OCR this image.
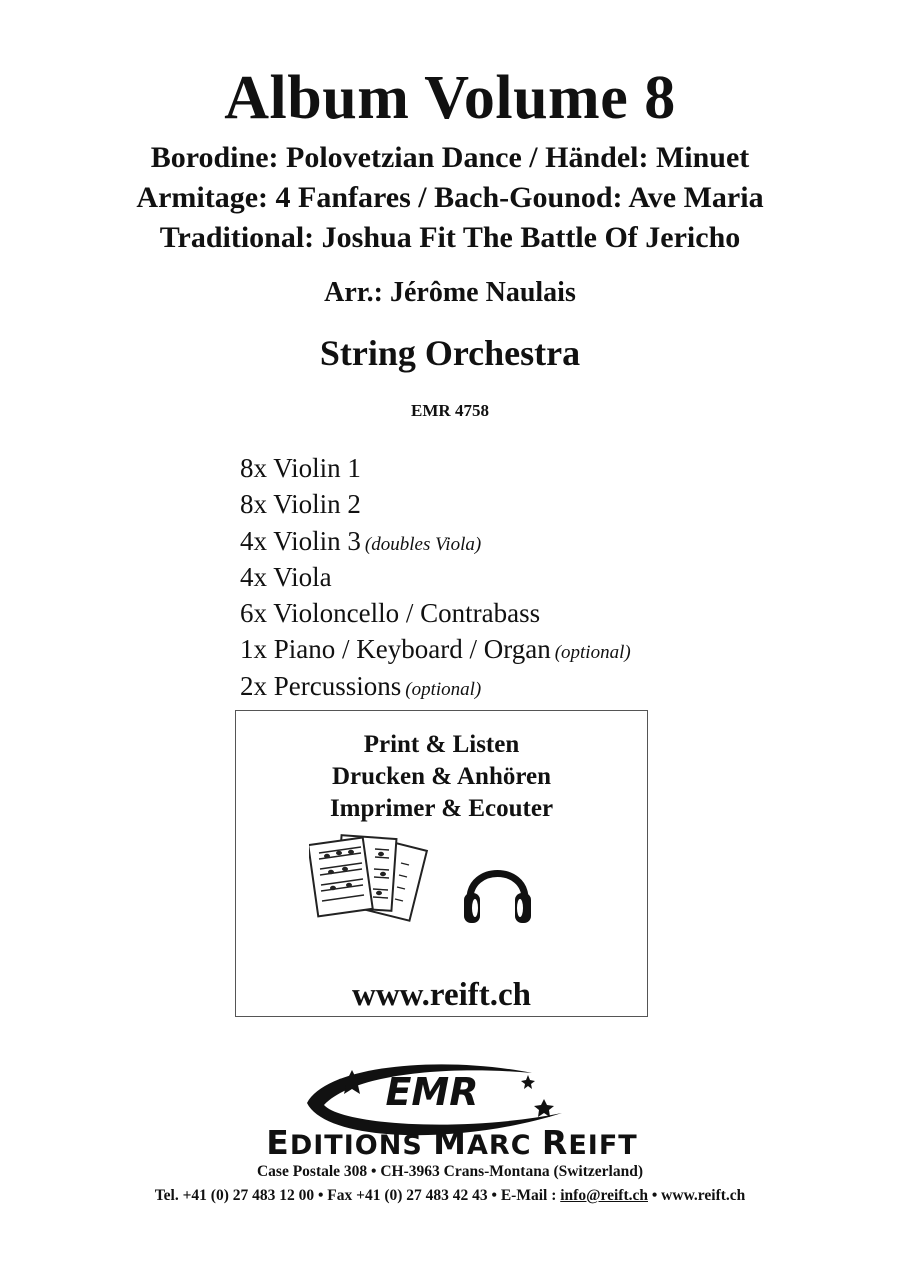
Album Volume 8
Borodine: Polovetzian Dance / Händel: Minuet
Armitage: 4 Fanfares / Bach-Gounod: Ave Maria
Traditional: Joshua Fit The Battle Of Jericho
Arr.: Jérôme Naulais
String Orchestra
EMR 4758
8x Violin 1
8x Violin 2
4x Violin 3 (doubles Viola)
4x Viola
6x Violoncello / Contrabass
1x Piano / Keyboard / Organ (optional)
2x Percussions (optional)
Print & Listen
Drucken & Anhören
Imprimer & Ecouter
www.reift.ch
EMR
EDITIONS MARC REIFT
Case Postale 308 • CH-3963 Crans-Montana (Switzerland)
Tel. +41 (0) 27 483 12 00 • Fax +41 (0) 27 483 42 43 • E-Mail : info@reift.ch • www.reift.ch
